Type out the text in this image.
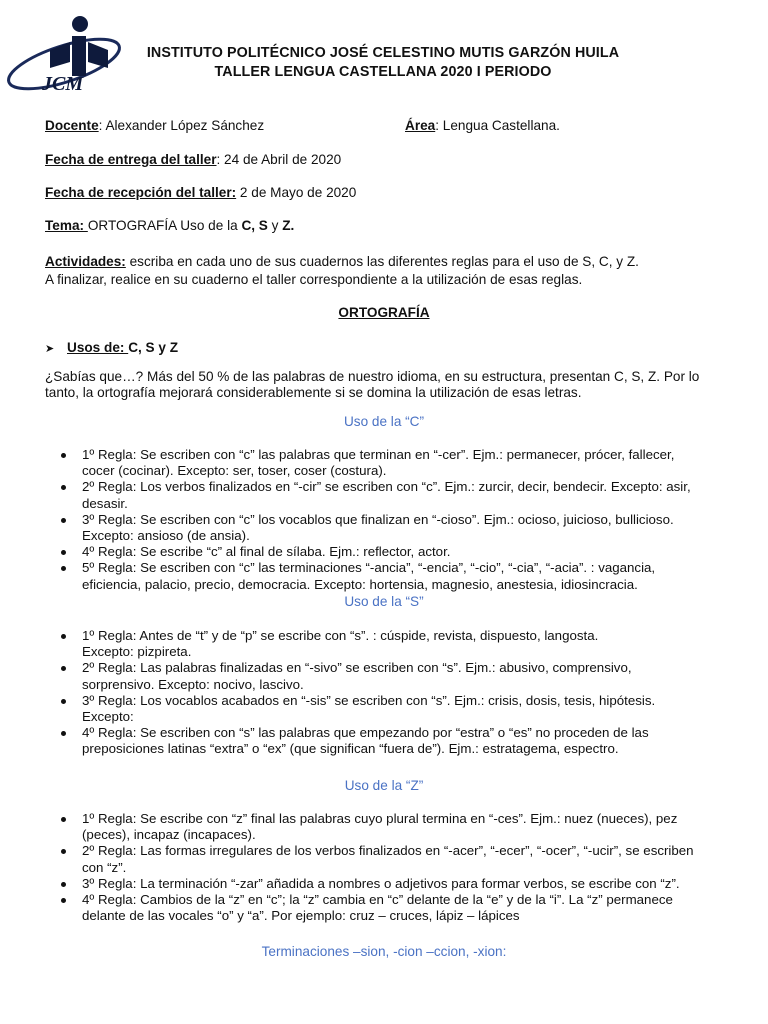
JCM
INSTITUTO POLITÉCNICO JOSÉ CELESTINO MUTIS GARZÓN HUILA
TALLER LENGUA CASTELLANA 2020 I PERIODO
Docente: Alexander López Sánchez	Área: Lengua Castellana.
Fecha de entrega del taller: 24 de Abril de 2020
Fecha de recepción del taller: 2 de Mayo de 2020
Tema: ORTOGRAFÍA Uso de la C, S y Z.
Actividades: escriba en cada uno de sus cuadernos las diferentes reglas para el uso de S, C, y Z.
A finalizar, realice en su cuaderno el taller correspondiente a la utilización de esas reglas.
ORTOGRAFÍA
➤ Usos de: C, S y Z
¿Sabías que…? Más del 50 % de las palabras de nuestro idioma, en su estructura, presentan C, S, Z. Por lo
tanto, la ortografía mejorará considerablemente si se domina la utilización de esas letras.
Uso de la “C”
1º Regla: Se escriben con “c” las palabras que terminan en “-cer”. Ejm.: permanecer, prócer, fallecer,
cocer (cocinar). Excepto: ser, toser, coser (costura).
2º Regla: Los verbos finalizados en “-cir” se escriben con “c”. Ejm.: zurcir, decir, bendecir. Excepto: asir,
desasir.
3º Regla: Se escriben con “c” los vocablos que finalizan en “-cioso”. Ejm.: ocioso, juicioso, bullicioso.
Excepto: ansioso (de ansia).
4º Regla: Se escribe “c” al final de sílaba. Ejm.: reflector, actor.
5º Regla: Se escriben con “c” las terminaciones “-ancia”, “-encia”, “-cio”, “-cia”, “-acia”. : vagancia,
eficiencia, palacio, precio, democracia. Excepto: hortensia, magnesio, anestesia, idiosincracia.
Uso de la “S”
1º Regla: Antes de “t” y de “p” se escribe con “s”. : cúspide, revista, dispuesto, langosta.
Excepto: pizpireta.
2º Regla: Las palabras finalizadas en “-sivo” se escriben con “s”. Ejm.: abusivo, comprensivo,
sorprensivo. Excepto: nocivo, lascivo.
3º Regla: Los vocablos acabados en “-sis” se escriben con “s”. Ejm.: crisis, dosis, tesis, hipótesis.
Excepto:
4º Regla: Se escriben con “s” las palabras que empezando por “estra” o “es” no proceden de las
preposiciones latinas “extra” o “ex” (que significan “fuera de”). Ejm.: estratagema, espectro.
Uso de la “Z”
1º Regla: Se escribe con “z” final las palabras cuyo plural termina en “-ces”. Ejm.: nuez (nueces), pez
(peces), incapaz (incapaces).
2º Regla: Las formas irregulares de los verbos finalizados en “-acer”, “-ecer”, “-ocer”, “-ucir”, se escriben
con “z”.
3º Regla: La terminación “-zar” añadida a nombres o adjetivos para formar verbos, se escribe con “z”.
4º Regla: Cambios de la “z” en “c”; la “z” cambia en “c” delante de la “e” y de la “i”. La “z” permanece
delante de las vocales “o” y “a”. Por ejemplo: cruz – cruces, lápiz – lápices
Terminaciones –sion, -cion –ccion, -xion:
